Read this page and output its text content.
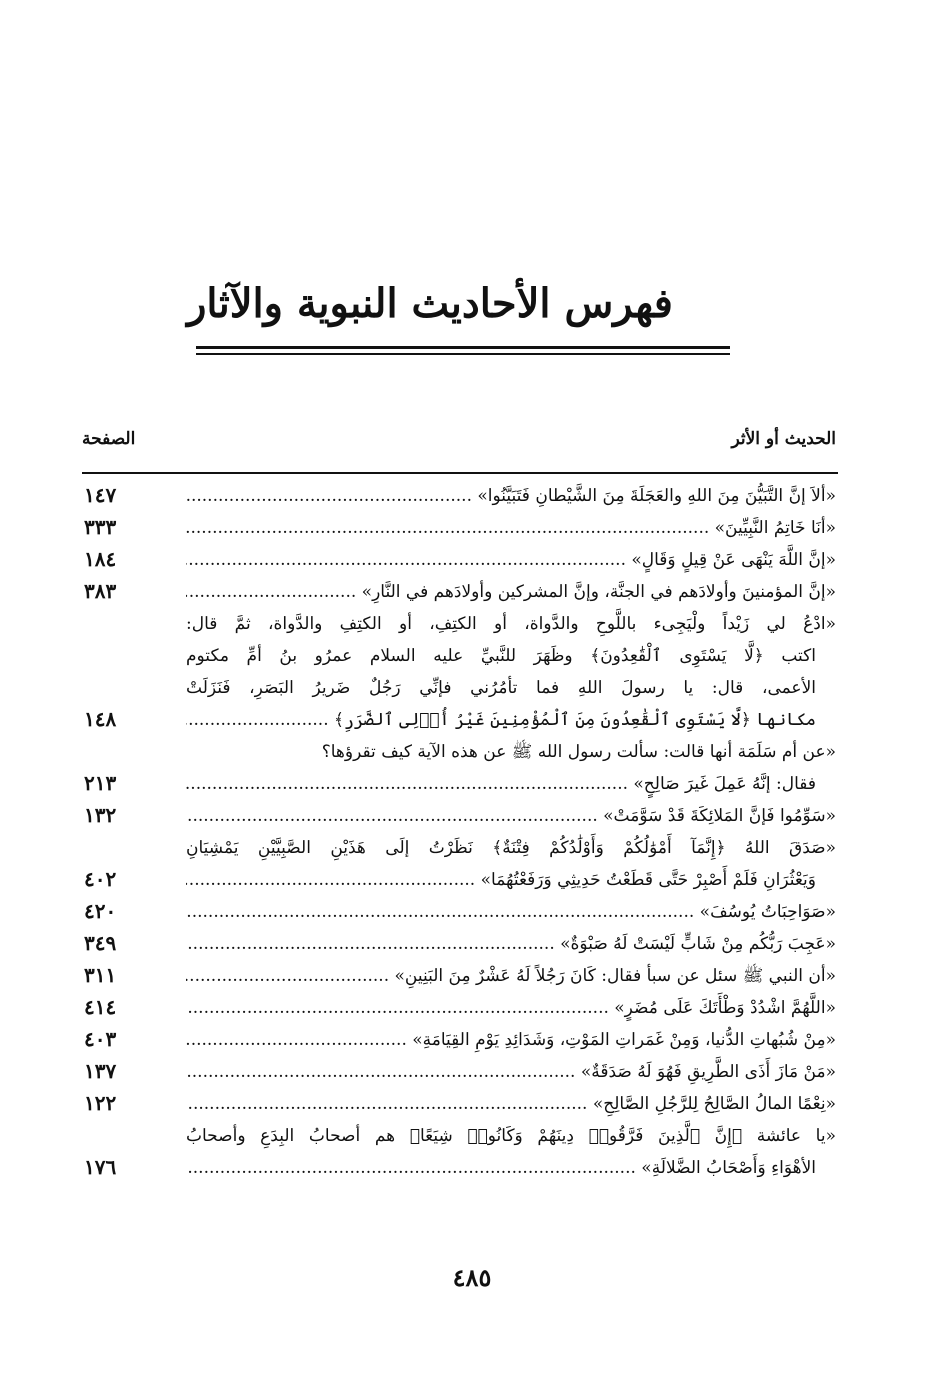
فهرس الأحاديث النبوية والآثار
الصفحة	الحديث أو الأثر
١٤٧	«ألاَ إنَّ التَّبَيُّنَ مِنَ اللهِ والعَجَلَةَ مِنَ الشَّيْطانِ فَتَبَيَّنُوا» .....
٣٣٣	«أنَا خَاتِمُ النَّبِيِّينَ» .....
١٨٤	«إنَّ اللَّهَ يَنْهَى عَنْ قِيلٍ وَقَالٍ» .....
٣٨٣	«إنَّ المؤمنينَ وأولادَهم في الجنَّة، وإنَّ المشركين وأولادَهم في النَّارِ» .....
«ادْعُ لي زَيْداً ولْيَجِىء باللَّوحِ والدَّواة، أو الكتِفِ، أو الكتِفِ والدَّواة، ثمَّ قال:
اكتب ﴿لَّا يَسْتَوِى ٱلْقَٰعِدُونَ﴾ وظَهَرَ للنَّبيِّ عليه السلام عمرُو بنُ أمِّ مكتوم
الأعمى، قال: يا رسولَ اللهِ فما تأمُرُني فإنِّي رَجُلٌ ضَريرُ البَصَرِ، فَنَزَلَتْ
١٤٨	مكانها ﴿لَّا يَسْتَوِى ٱلْقَٰعِدُونَ مِنَ ٱلْمُؤْمِنِينَ غَيْرُ أُو۟لِى ٱلضَّرَرِ﴾ .....
«عن أم سَلَمَة أنها قالت: سألت رسول الله ﷺ عن هذه الآية كيف تقرؤها؟
٢١٣	فقال: إنَّهُ عَمِلَ غَيرَ صَالِحٍ» .....
١٣٢	«سَوِّمُوا فَإنَّ المَلائِكَةَ قَدْ سَوَّمَتْ» .....
«صَدَقَ اللهُ ﴿إِنَّمَآ أَمْوَٰلُكُمْ وَأَوْلَٰدُكُمْ فِتْنَةٌ﴾ نَظَرْتُ إلَى هَذَيْنِ الصَّبِيَّيْنِ يَمْشِيَانِ
٤٠٢	وَيَعْثُرَانِ فَلَمْ أَصْبِرْ حَتَّى قَطَعْتُ حَدِيثِي وَرَفَعْتُهُمَا» .....
٤٢٠	«صَوَاحِبَاتُ يُوسُفَ» .....
٣٤٩	«عَجِبَ رَبُّكُم مِنْ شَابٍّ لَيْسَتْ لَهُ صَبْوَةٌ» .....
٣١١	«أن النبي ﷺ سئل عن سبأ فقال: كَانَ رَجُلاً لَهُ عَشْرٌ مِنَ البَنِينِ» .....
٤١٤	«اللَّهُمَّ اشْدُدْ وَطْأَتَكَ عَلَى مُضَرٍ» .....
٤٠٣	«مِنْ شُبُهاتِ الدُّنيا، وَمِنْ غَمَراتِ المَوْتِ، وَشَدَائِدِ يَوْمِ القِيَامَةِ» .....
١٣٧	«مَنْ مَازَ أَذَى الطَّرِيقِ فَهُوَ لَهُ صَدَقَةٌ» .....
١٢٢	«نِعْمًا المالُ الصَّالِحُ لِلرَّجُلِ الصَّالِحِ» .....
«يا عائشة ﴿إِنَّ ٱلَّذِينَ فَرَّقُوا۟ دِينَهُمْ وَكَانُوا۟ شِيَعًا﴾ هم أصحابُ البِدَعِ وأصحابُ
١٧٦	الأهْوَاءِ وَأَصْحَابُ الضَّلالَةِ» .....
٤٨٥
